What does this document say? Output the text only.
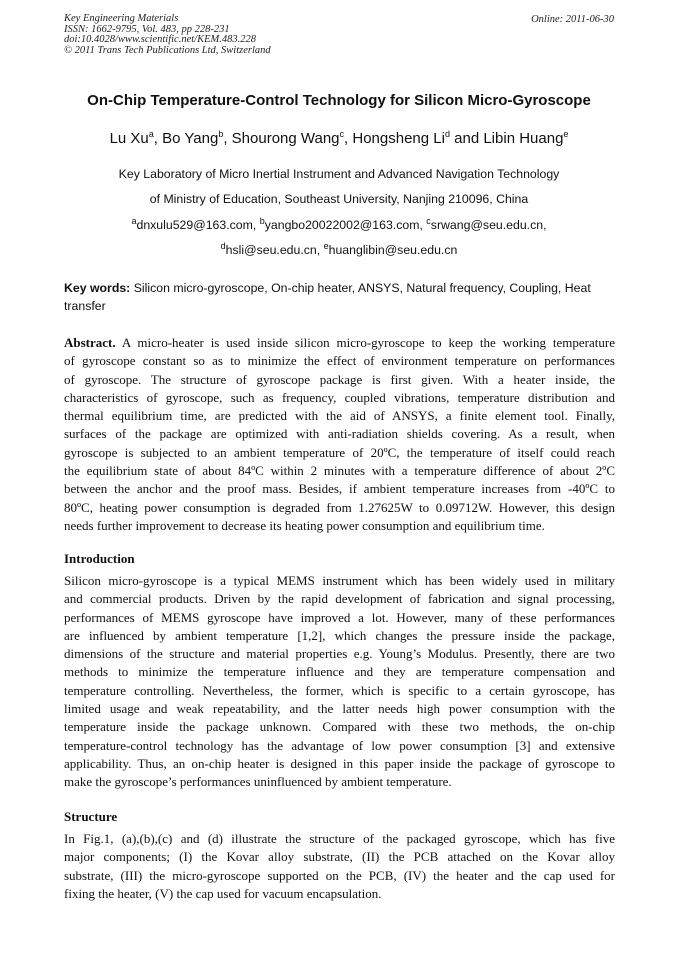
Key Engineering Materials
ISSN: 1662-9795, Vol. 483, pp 228-231
doi:10.4028/www.scientific.net/KEM.483.228
© 2011 Trans Tech Publications Ltd, Switzerland
Online: 2011-06-30
On-Chip Temperature-Control Technology for Silicon Micro-Gyroscope
Lu Xu$^a$, Bo Yang$^b$, Shourong Wang$^c$, Hongsheng Li$^d$ and Libin Huang$^e$
Key Laboratory of Micro Inertial Instrument and Advanced Navigation Technology
of Ministry of Education, Southeast University, Nanjing 210096, China
$^a$dnxulu529@163.com, $^b$yangbo20022002@163.com, $^c$srwang@seu.edu.cn,
$^d$hsli@seu.edu.cn, $^e$huanglibin@seu.edu.cn
Key words: Silicon micro-gyroscope, On-chip heater, ANSYS, Natural frequency, Coupling, Heat
transfer
Abstract. A micro-heater is used inside silicon micro-gyroscope to keep the working temperature
of gyroscope constant so as to minimize the effect of environment temperature on performances
of gyroscope. The structure of gyroscope package is first given. With a heater inside, the
characteristics of gyroscope, such as frequency, coupled vibrations, temperature distribution and
thermal equilibrium time, are predicted with the aid of ANSYS, a finite element tool. Finally,
surfaces of the package are optimized with anti-radiation shields covering. As a result, when
gyroscope is subjected to an ambient temperature of 20ºC, the temperature of itself could reach
the equilibrium state of about 84ºC within 2 minutes with a temperature difference of about 2ºC
between the anchor and the proof mass. Besides, if ambient temperature increases from -40ºC to
80ºC, heating power consumption is degraded from 1.27625W to 0.09712W. However, this design
needs further improvement to decrease its heating power consumption and equilibrium time.
Introduction
Silicon micro-gyroscope is a typical MEMS instrument which has been widely used in military
and commercial products. Driven by the rapid development of fabrication and signal processing,
performances of MEMS gyroscope have improved a lot. However, many of these performances
are influenced by ambient temperature [1,2], which changes the pressure inside the package,
dimensions of the structure and material properties e.g. Young’s Modulus. Presently, there are two
methods to minimize the temperature influence and they are temperature compensation and
temperature controlling. Nevertheless, the former, which is specific to a certain gyroscope, has
limited usage and weak repeatability, and the latter needs high power consumption with the
temperature inside the package unknown. Compared with these two methods, the on-chip
temperature-control technology has the advantage of low power consumption [3] and extensive
applicability. Thus, an on-chip heater is designed in this paper inside the package of gyroscope to
make the gyroscope’s performances uninfluenced by ambient temperature.
Structure
In Fig.1, (a),(b),(c) and (d) illustrate the structure of the packaged gyroscope, which has five
major components; (I) the Kovar alloy substrate, (II) the PCB attached on the Kovar alloy
substrate, (III) the micro-gyroscope supported on the PCB, (IV) the heater and the cap used for
fixing the heater, (V) the cap used for vacuum encapsulation.
